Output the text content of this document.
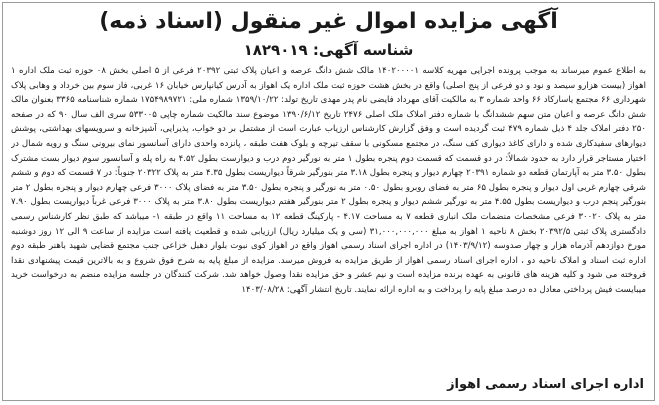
آگهی مزایده اموال غیر منقول (اسناد ذمه)
شناسه آگهی: ۱۸۲۹۰۱۹
به اطلاع عموم میرساند به موجب پرونده اجرایی مهریه کلاسه ۱۴۰۲۰۰۰۰۱ مالک شش دانگ عرصه و اعیان پلاک ثبتی ۲۰۳۹۲ فرعی از ۵ اصلی بخش ۰۸ حوزه ثبت ملک اداره ۱ اهواز (بیست هزارو سیصد و نود و دو فرعی از پنج اصلی) واقع در بخش هشت حوزه ثبت ملک اداره یک اهواز به آدرس کیانپارس خیابان ۱۶ غربی، فاز سوم بین خرداد و وهابی پلاک شهرداری ۶۶ مجتمع یاسارکاد ۶۶ واحد شماره ۳ به مالکیت آقای مهرداد فایضی نام پدر مهدی تاریخ تولد: ۱۳۵۹/۱۰/۲۲ شماره ملی: ۱۷۵۴۹۸۹۷۲۱ شماره شناسنامه ۳۳۶۵ بعنوان مالک شش دانگ عرصه و اعیان متن سهم ششدانگ با شماره دفتر املاک ملک اصلی ۲۴۷۶ تاریخ ۱۳۹۰/۶/۱۲ موضوع سند مالکیت شماره چاپی ۵۳۳۰۰۵ سری الف سال ۹۰ که در صفحه ۲۵۰ دفتر املاک جلد ۴ ذیل شماره ۴۷۹ ثبت گردیده است و وفق گزارش کارشناس ارزیاب عبارت است از مشتمل بر دو خواب، پذیرایی، آشپزخانه و سرویسهای بهداشتی، پوشش دیوارهای سفیدکاری شده و دارای کاغذ دیواری کف سنگ، در مجتمع مسکونی با سقف تیرچه و بلوک هفت طبقه ، پانزده واحدی دارای آسانسور نمای بیرونی سنگ و رویه شمال در اختیار مستاجر قرار دارد به حدود شمالاً: در دو قسمت که قسمت دوم پنجره بطول ۱ متر به نورگیر دوم درب و دیوارست بطول ۴.۵۲ به راه پله و آسانسور سوم دیوار بست مشترک بطول ۳.۵۰ متر به آپارتمان قطعه دو شماره ۲۰۳۹۱ چهارم دیوار و پنجره بطول ۳.۱۸ متر بنورگیر شرقاً دیواریست بطول ۴.۳۵ متر به پلاک ۲۰۳۲۲ جنوباً: در ۷ قسمت که دوم و ششم شرقی چهارم غربی اول دیوار و پنجره بطول ۶۵ متر به فضای روبرو بطول ۰.۵۰ متر به نورگیر و پنجره بطول ۳.۵۰ متر به فضای پلاک ۳۰۰۰ فرعی چهارم دیوار و پنجره بطول ۲ متر بنورگیر پنجم درب و دیواریست بطول ۴.۵۵ متر به نورگیر ششم دیوار و پنجره بطول ۲ متر بنورگیر هفتم دیواریست بطول ۳.۸۰ متر به پلاک ۳۰۰۰ فرعی غرباً دیواریست بطول ۷.۹۰ متر به پلاک ۳۰۰۲۰ فرعی مشخصات منضمات ملک انباری قطعه ۷ به مساحت ۴.۱۷ - پارکینگ قطعه ۱۲ به مساحت ۱۱ واقع در طبقه ۱- میباشد که طبق نظر کارشناس رسمی دادگستری پلاک ثبتی ۲۰۳۹۲/۵ بخش ۸ ناحیه ۱ اهواز به مبلغ ۳۱,۰۰۰,۰۰۰,۰۰۰ (سی و یک میلیارد ریال) ارزیابی شده و قطعیت یافته است مزایده از ساعت ۹ الی ۱۲ روز دوشنبه مورخ دوازدهم آذرماه هزار و چهار صدوسه (۱۴۰۳/۹/۱۲) در اداره اجرای اسناد رسمی اهواز واقع در اهواز کوی نبوت بلوار دهبل خزاعی جنب مجتمع قضایی شهید باهنر طبقه دوم اداره ثبت اسناد و املاک ناحیه دو ، اداره اجرای اسناد رسمی اهواز از طریق مزایده به فروش میرسد. مزایده از مبلغ پایه به شرح فوق شروع و به بالاترین قیمت پیشنهادی نقدا فروخته می شود و کلیه هزینه های قانونی به عهده برنده مزایده است و نیم عشر و حق مزایده نقدا وصول خواهد شد. شرکت کنندگان در جلسه مزایده منضم به درخواست خرید میبایست فیش پرداختی معادل ده درصد مبلغ پایه را پرداخت و به اداره ارائه نمایند. تاریخ انتشار آگهی: ۱۴۰۳/۰۸/۲۸
اداره اجرای اسناد رسمی اهواز
